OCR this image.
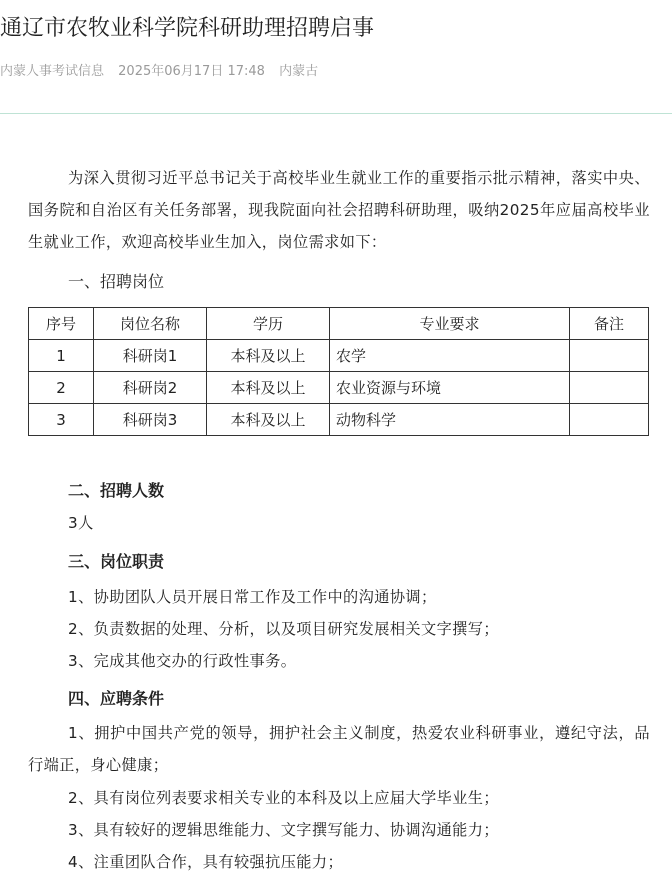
通辽市农牧业科学院科研助理招聘启事
内蒙人事考试信息 2025年06月17日 17:48 内蒙古
为深入贯彻习近平总书记关于高校毕业生就业工作的重要指示批示精神，落实中央、国务院和自治区有关任务部署，现我院面向社会招聘科研助理，吸纳2025年应届高校毕业生就业工作，欢迎高校毕业生加入，岗位需求如下：
一、招聘岗位
序号	岗位名称	学历	专业要求	备注
1	科研岗1	本科及以上	农学	
2	科研岗2	本科及以上	农业资源与环境	
3	科研岗3	本科及以上	动物科学	
二、招聘人数
3人
三、岗位职责
1、协助团队人员开展日常工作及工作中的沟通协调；
2、负责数据的处理、分析，以及项目研究发展相关文字撰写；
3、完成其他交办的行政性事务。
四、应聘条件
1、拥护中国共产党的领导，拥护社会主义制度，热爱农业科研事业，遵纪守法，品行端正，身心健康；
2、具有岗位列表要求相关专业的本科及以上应届大学毕业生；
3、具有较好的逻辑思维能力、文字撰写能力、协调沟通能力；
4、注重团队合作，具有较强抗压能力；
